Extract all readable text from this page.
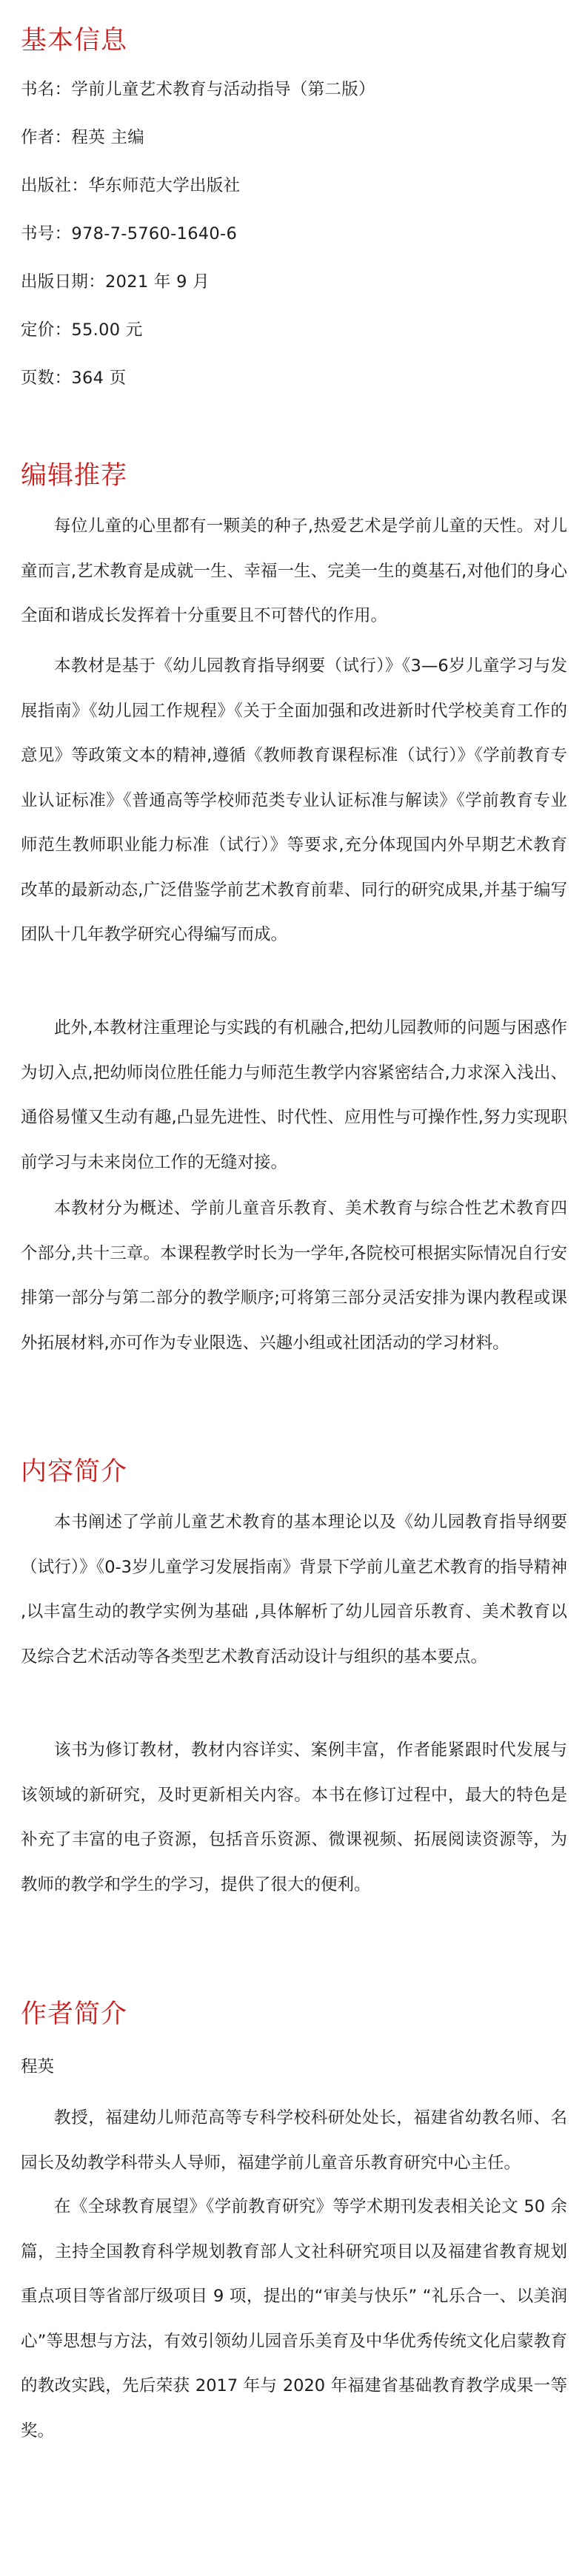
基本信息

书名：学前儿童艺术教育与活动指导（第二版）

作者：程英 主编

出版社：华东师范大学出版社

书号：978-7-5760-1640-6

出版日期：2021 年 9 月

定价：55.00 元

页数：364 页

编辑推荐

每位儿童的心里都有一颗美的种子,热爱艺术是学前儿童的天性。对儿童而言,艺术教育是成就一生、幸福一生、完美一生的奠基石,对他们的身心全面和谐成长发挥着十分重要且不可替代的作用。

本教材是基于《幼儿园教育指导纲要（试行）》《3—6岁儿童学习与发展指南》《幼儿园工作规程》《关于全面加强和改进新时代学校美育工作的意见》等政策文本的精神,遵循《教师教育课程标准（试行）》《学前教育专业认证标准》《普通高等学校师范类专业认证标准与解读》《学前教育专业师范生教师职业能力标准（试行）》等要求,充分体现国内外早期艺术教育改革的最新动态,广泛借鉴学前艺术教育前辈、同行的研究成果,并基于编写团队十几年教学研究心得编写而成。

此外,本教材注重理论与实践的有机融合,把幼儿园教师的问题与困惑作为切入点,把幼师岗位胜任能力与师范生教学内容紧密结合,力求深入浅出、通俗易懂又生动有趣,凸显先进性、时代性、应用性与可操作性,努力实现职前学习与未来岗位工作的无缝对接。

本教材分为概述、学前儿童音乐教育、美术教育与综合性艺术教育四个部分,共十三章。本课程教学时长为一学年,各院校可根据实际情况自行安排第一部分与第二部分的教学顺序;可将第三部分灵活安排为课内教程或课外拓展材料,亦可作为专业限选、兴趣小组或社团活动的学习材料。

内容简介

本书阐述了学前儿童艺术教育的基本理论以及《幼儿园教育指导纲要（试行）》《0-3岁儿童学习发展指南》背景下学前儿童艺术教育的指导精神 ,以丰富生动的教学实例为基础 ,具体解析了幼儿园音乐教育、美术教育以及综合艺术活动等各类型艺术教育活动设计与组织的基本要点。

该书为修订教材，教材内容详实、案例丰富，作者能紧跟时代发展与该领域的新研究，及时更新相关内容。本书在修订过程中，最大的特色是补充了丰富的电子资源，包括音乐资源、微课视频、拓展阅读资源等，为教师的教学和学生的学习，提供了很大的便利。

作者简介

程英

教授，福建幼儿师范高等专科学校科研处处长，福建省幼教名师、名园长及幼教学科带头人导师，福建学前儿童音乐教育研究中心主任。

在《全球教育展望》《学前教育研究》等学术期刊发表相关论文 50 余篇，主持全国教育科学规划教育部人文社科研究项目以及福建省教育规划重点项目等省部厅级项目 9 项，提出的“审美与快乐” “礼乐合一、以美润心”等思想与方法，有效引领幼儿园音乐美育及中华优秀传统文化启蒙教育的教改实践，先后荣获 2017 年与 2020 年福建省基础教育教学成果一等奖。
